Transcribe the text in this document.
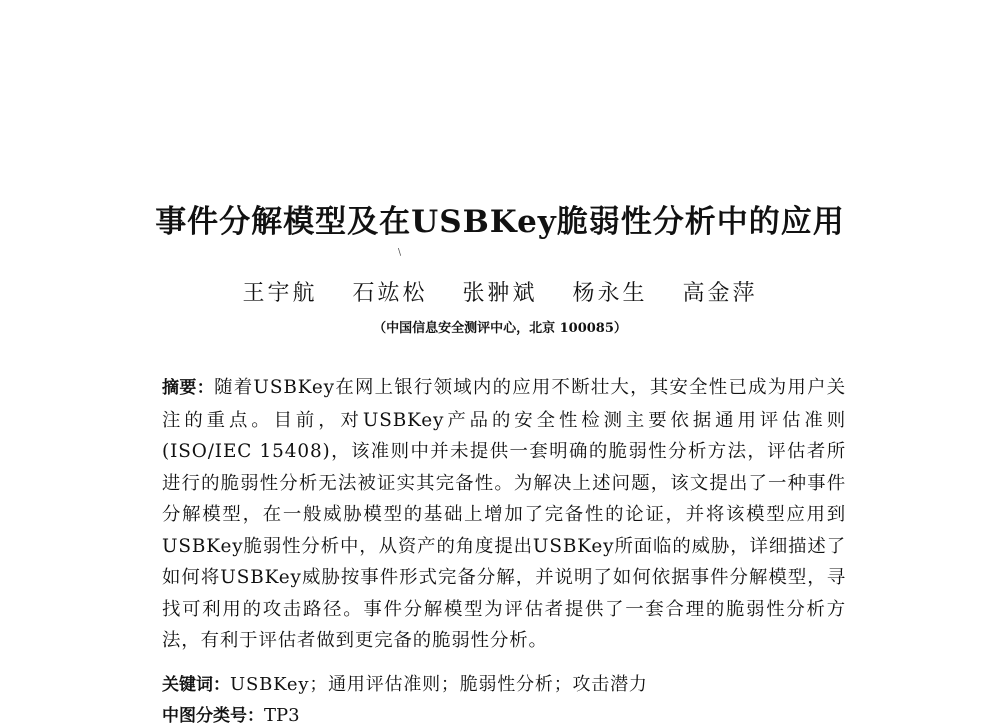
事件分解模型及在USBKey脆弱性分析中的应用
\
王宇航 石竑松 张翀斌 杨永生 高金萍
（中国信息安全测评中心，北京 100085）
摘要：随着USBKey在网上银行领域内的应用不断壮大，其安全性已成为用户关注的重点。目前，对USBKey产品的安全性检测主要依据通用评估准则(ISO/IEC 15408)，该准则中并未提供一套明确的脆弱性分析方法，评估者所进行的脆弱性分析无法被证实其完备性。为解决上述问题，该文提出了一种事件分解模型，在一般威胁模型的基础上增加了完备性的论证，并将该模型应用到USBKey脆弱性分析中，从资产的角度提出USBKey所面临的威胁，详细描述了如何将USBKey威胁按事件形式完备分解，并说明了如何依据事件分解模型，寻找可利用的攻击路径。事件分解模型为评估者提供了一套合理的脆弱性分析方法，有利于评估者做到更完备的脆弱性分析。
关键词：USBKey；通用评估准则；脆弱性分析；攻击潜力
中图分类号：TP3
